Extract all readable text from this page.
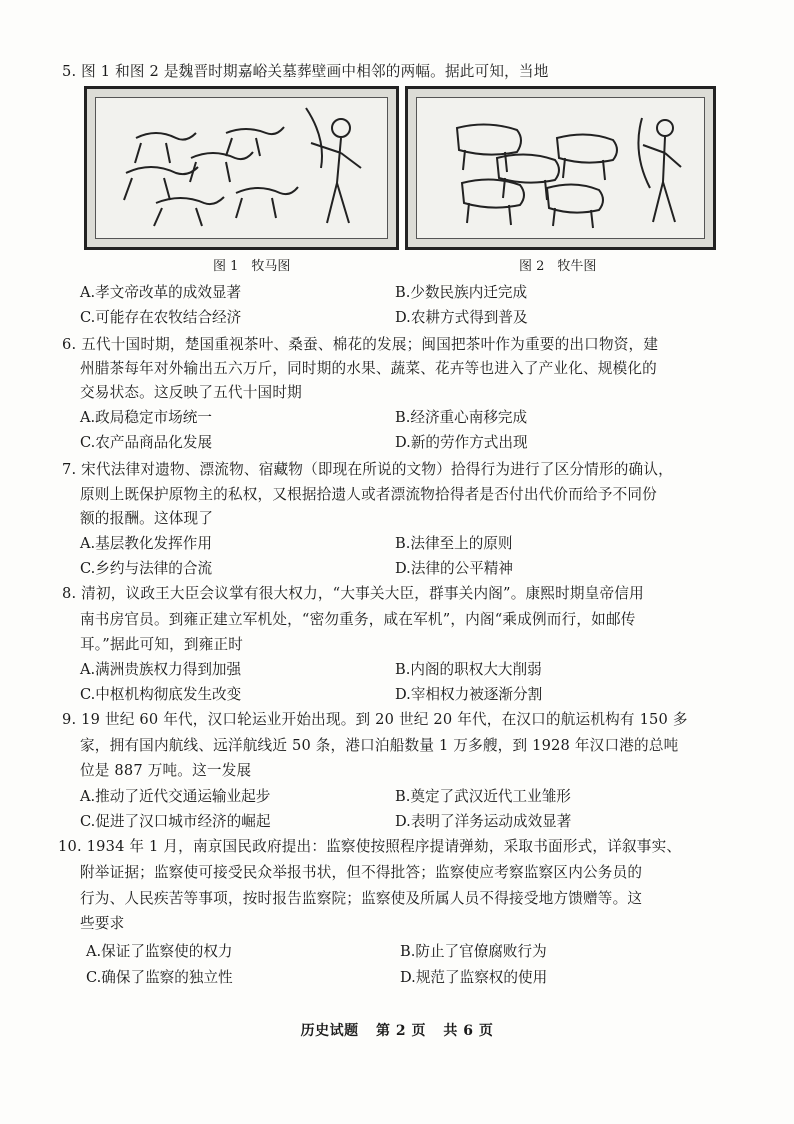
5. 图 1 和图 2 是魏晋时期嘉峪关墓葬壁画中相邻的两幅。据此可知，当地
图 1　牧马图	图 2　牧牛图
A.孝文帝改革的成效显著	B.少数民族内迁完成
C.可能存在农牧结合经济	D.农耕方式得到普及
6. 五代十国时期，楚国重视茶叶、桑蚕、棉花的发展；闽国把茶叶作为重要的出口物资，建
州腊茶每年对外输出五六万斤，同时期的水果、蔬菜、花卉等也进入了产业化、规模化的
交易状态。这反映了五代十国时期
A.政局稳定市场统一	B.经济重心南移完成
C.农产品商品化发展	D.新的劳作方式出现
7. 宋代法律对遗物、漂流物、宿藏物（即现在所说的文物）拾得行为进行了区分情形的确认，
原则上既保护原物主的私权，又根据拾遗人或者漂流物拾得者是否付出代价而给予不同份
额的报酬。这体现了
A.基层教化发挥作用	B.法律至上的原则
C.乡约与法律的合流	D.法律的公平精神
8. 清初，议政王大臣会议掌有很大权力，“大事关大臣，群事关内阁”。康熙时期皇帝信用
南书房官员。到雍正建立军机处，“密勿重务，咸在军机”，内阁“乘成例而行，如邮传
耳。”据此可知，到雍正时
A.满洲贵族权力得到加强	B.内阁的职权大大削弱
C.中枢机构彻底发生改变	D.宰相权力被逐渐分割
9. 19 世纪 60 年代，汉口轮运业开始出现。到 20 世纪 20 年代，在汉口的航运机构有 150 多
家，拥有国内航线、远洋航线近 50 条，港口泊船数量 1 万多艘，到 1928 年汉口港的总吨
位是 887 万吨。这一发展
A.推动了近代交通运输业起步	B.奠定了武汉近代工业雏形
C.促进了汉口城市经济的崛起	D.表明了洋务运动成效显著
10. 1934 年 1 月，南京国民政府提出：监察使按照程序提请弹劾，采取书面形式，详叙事实、
附举证据；监察使可接受民众举报书状，但不得批答；监察使应考察监察区内公务员的
行为、人民疾苦等事项，按时报告监察院；监察使及所属人员不得接受地方馈赠等。这
些要求
A.保证了监察使的权力	B.防止了官僚腐败行为
C.确保了监察的独立性	D.规范了监察权的使用
历史试题 第 2 页 共 6 页
